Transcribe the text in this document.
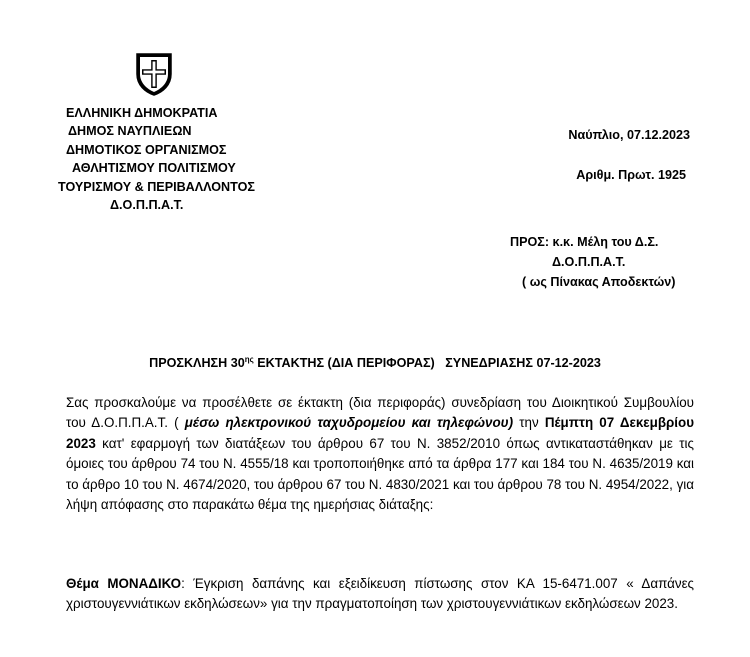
ΕΛΛΗΝΙΚΗ ΔΗΜΟΚΡΑΤΙΑ
ΔΗΜΟΣ ΝΑΥΠΛΙΕΩΝ
ΔΗΜΟΤΙΚΟΣ ΟΡΓΑΝΙΣΜΟΣ
ΑΘΛΗΤΙΣΜΟΥ ΠΟΛΙΤΙΣΜΟΥ
ΤΟΥΡΙΣΜΟΥ & ΠΕΡΙΒΑΛΛΟΝΤΟΣ
Δ.Ο.Π.Π.Α.Τ.
Ναύπλιο, 07.12.2023
Αριθμ. Πρωτ. 1925
ΠΡΟΣ: κ.κ. Μέλη του Δ.Σ.
Δ.Ο.Π.Π.Α.Τ.
( ως Πίνακας Αποδεκτών)
ΠΡΟΣΚΛΗΣΗ $30^{\eta\varsigma}$ ΕΚΤΑΚΤΗΣ (ΔΙΑ ΠΕΡΙΦΟΡΑΣ) ΣΥΝΕΔΡΙΑΣΗΣ 07-12-2023
Σας προσκαλούμε να προσέλθετε σε έκτακτη (δια περιφοράς) συνεδρίαση του Διοικητικού Συμβουλίου του Δ.Ο.Π.Π.Α.Τ. ( μέσω ηλεκτρονικού ταχυδρομείου και τηλεφώνου) την Πέμπτη 07 Δεκεμβρίου 2023 κατ' εφαρμογή των διατάξεων του άρθρου 67 του Ν. 3852/2010 όπως αντικαταστάθηκαν με τις όμοιες του άρθρου 74 του Ν. 4555/18 και τροποποιήθηκε από τα άρθρα 177 και 184 του Ν. 4635/2019 και το άρθρο 10 του Ν. 4674/2020, του άρθρου 67 του Ν. 4830/2021 και του άρθρου 78 του Ν. 4954/2022, για λήψη απόφασης στο παρακάτω θέμα της ημερήσιας διάταξης:
Θέμα ΜΟΝΑΔΙΚΟ: Έγκριση δαπάνης και εξειδίκευση πίστωσης στον ΚΑ 15-6471.007 « Δαπάνες χριστουγεννιάτικων εκδηλώσεων» για την πραγματοποίηση των χριστουγεννιάτικων εκδηλώσεων 2023.
